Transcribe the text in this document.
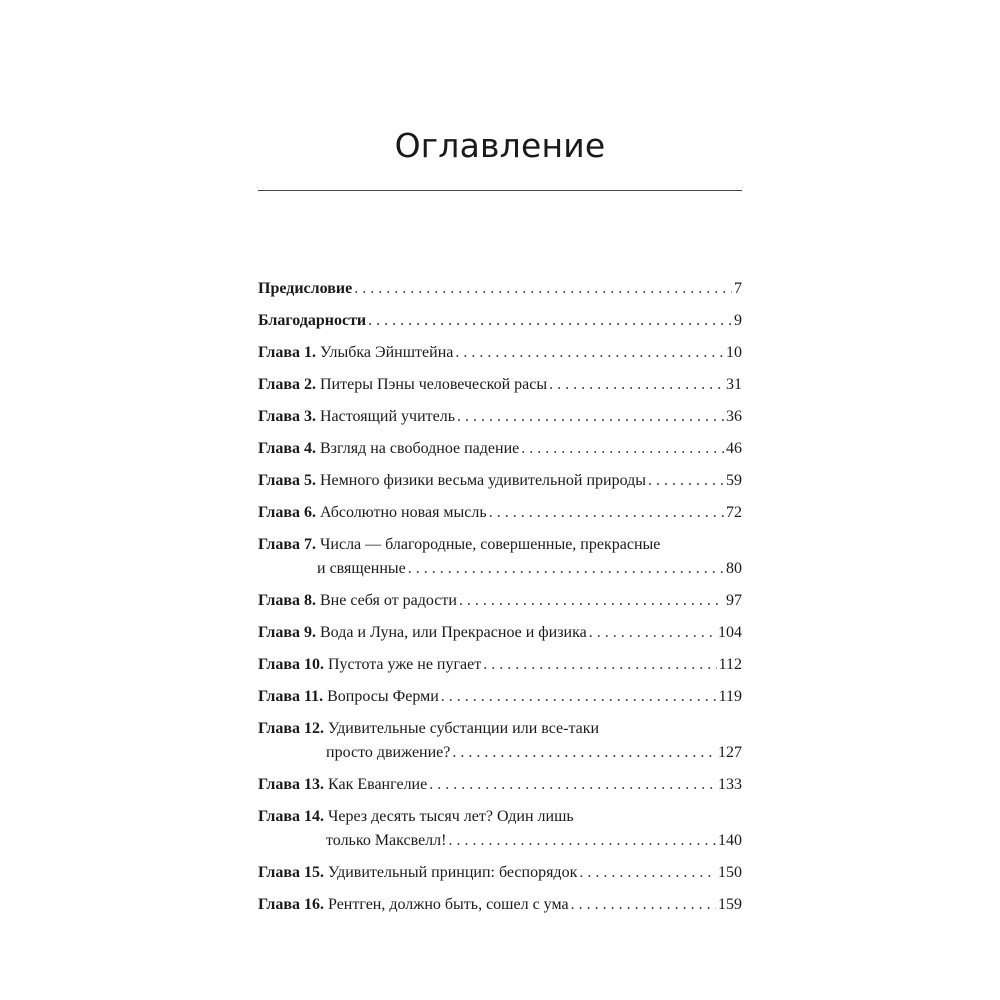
Оглавление
Предисловие . . .	7
Благодарности . . .	9
Глава 1. Улыбка Эйнштейна . . .	10
Глава 2. Питеры Пэны человеческой расы . . .	31
Глава 3. Настоящий учитель . . .	36
Глава 4. Взгляд на свободное падение . . .	46
Глава 5. Немного физики весьма удивительной природы . . .	59
Глава 6. Абсолютно новая мысль . . .	72
Глава 7. Числа — благородные, совершенные, прекрасные
и священные . . .	80
Глава 8. Вне себя от радости . . .	97
Глава 9. Вода и Луна, или Прекрасное и физика . . .	104
Глава 10. Пустота уже не пугает . . .	112
Глава 11. Вопросы Ферми . . .	119
Глава 12. Удивительные субстанции или все-таки
просто движение? . . .	127
Глава 13. Как Евангелие . . .	133
Глава 14. Через десять тысяч лет? Один лишь
только Максвелл! . . .	140
Глава 15. Удивительный принцип: беспорядок . . .	150
Глава 16. Рентген, должно быть, сошел с ума . . .	159
